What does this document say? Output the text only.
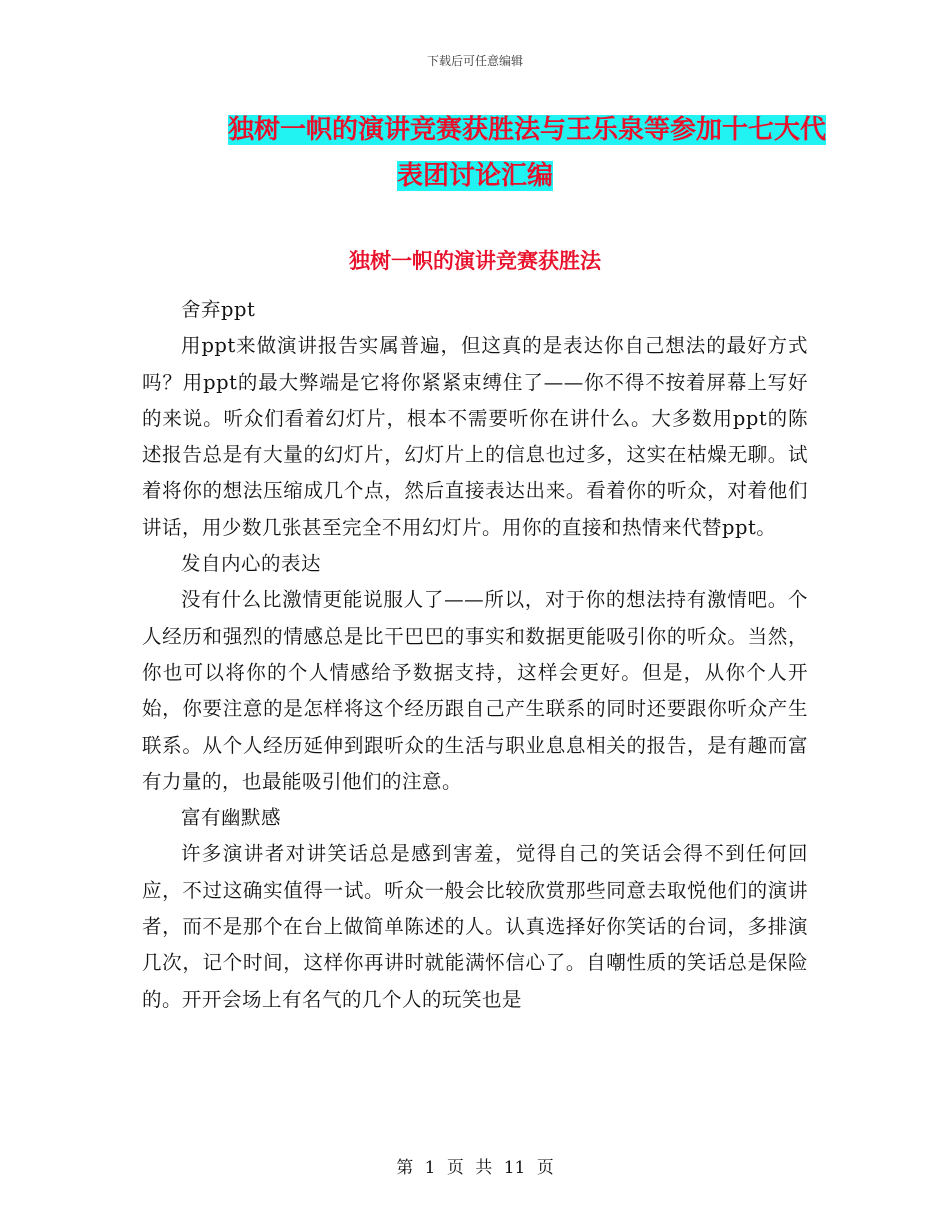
下载后可任意编辑
独树一帜的演讲竞赛获胜法与王乐泉等参加十七大代
表团讨论汇编
独树一帜的演讲竞赛获胜法

舍弃ppt

用ppt来做演讲报告实属普遍，但这真的是表达你自己想法的最好方式吗？用ppt的最大弊端是它将你紧紧束缚住了——你不得不按着屏幕上写好的来说。听众们看着幻灯片，根本不需要听你在讲什么。大多数用ppt的陈述报告总是有大量的幻灯片，幻灯片上的信息也过多，这实在枯燥无聊。试着将你的想法压缩成几个点，然后直接表达出来。看着你的听众，对着他们讲话，用少数几张甚至完全不用幻灯片。用你的直接和热情来代替ppt。

发自内心的表达

没有什么比激情更能说服人了——所以，对于你的想法持有激情吧。个人经历和强烈的情感总是比干巴巴的事实和数据更能吸引你的听众。当然，你也可以将你的个人情感给予数据支持，这样会更好。但是，从你个人开始，你要注意的是怎样将这个经历跟自己产生联系的同时还要跟你听众产生联系。从个人经历延伸到跟听众的生活与职业息息相关的报告，是有趣而富有力量的，也最能吸引他们的注意。

富有幽默感

许多演讲者对讲笑话总是感到害羞，觉得自己的笑话会得不到任何回应，不过这确实值得一试。听众一般会比较欣赏那些同意去取悦他们的演讲者，而不是那个在台上做简单陈述的人。认真选择好你笑话的台词，多排演几次，记个时间，这样你再讲时就能满怀信心了。自嘲性质的笑话总是保险的。开开会场上有名气的几个人的玩笑也是

第 1 页 共 11 页
